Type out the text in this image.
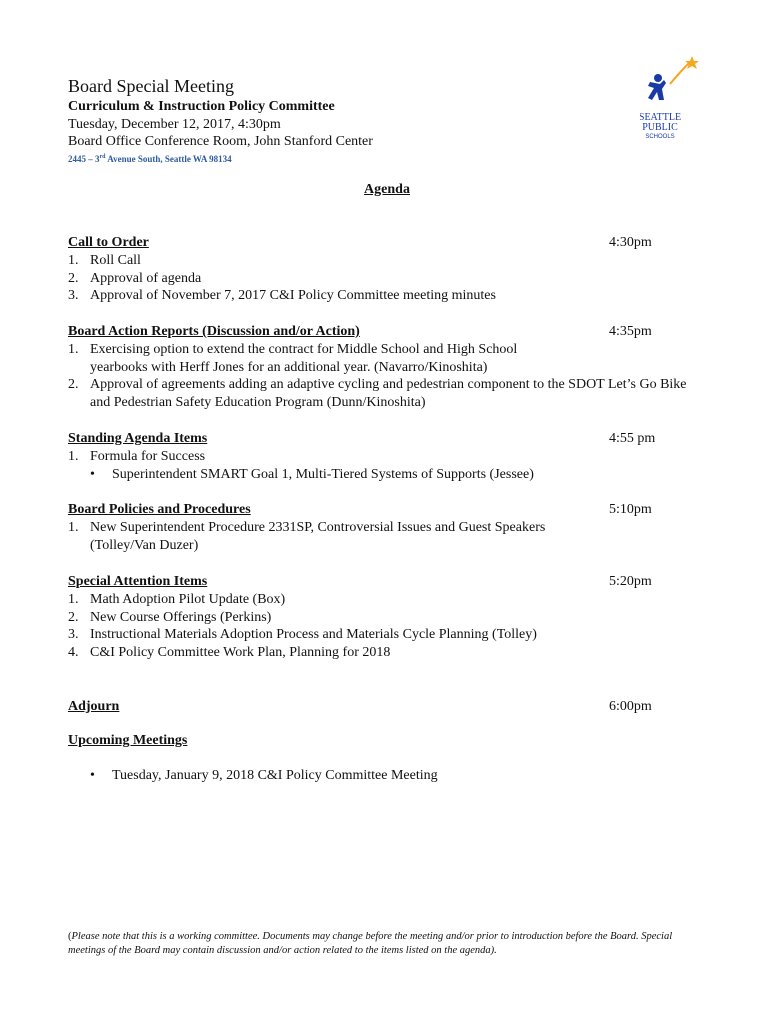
Board Special Meeting
Curriculum & Instruction Policy Committee
Tuesday, December 12, 2017, 4:30pm
Board Office Conference Room, John Stanford Center
2445 – 3rd Avenue South, Seattle WA 98134
SEATTLE
PUBLIC
SCHOOLS
Agenda
Call to Order	4:30pm
1. Roll Call
2. Approval of agenda
3. Approval of November 7, 2017 C&I Policy Committee meeting minutes
Board Action Reports (Discussion and/or Action)	4:35pm
1. Exercising option to extend the contract for Middle School and High School yearbooks with Herff Jones for an additional year. (Navarro/Kinoshita)
2. Approval of agreements adding an adaptive cycling and pedestrian component to the SDOT Let’s Go Bike and Pedestrian Safety Education Program (Dunn/Kinoshita)
Standing Agenda Items	4:55 pm
1. Formula for Success
• Superintendent SMART Goal 1, Multi-Tiered Systems of Supports (Jessee)
Board Policies and Procedures	5:10pm
1. New Superintendent Procedure 2331SP, Controversial Issues and Guest Speakers (Tolley/Van Duzer)
Special Attention Items	5:20pm
1. Math Adoption Pilot Update (Box)
2. New Course Offerings (Perkins)
3. Instructional Materials Adoption Process and Materials Cycle Planning (Tolley)
4. C&I Policy Committee Work Plan, Planning for 2018
Adjourn	6:00pm
Upcoming Meetings
• Tuesday, January 9, 2018 C&I Policy Committee Meeting
(Please note that this is a working committee. Documents may change before the meeting and/or prior to introduction before the Board. Special meetings of the Board may contain discussion and/or action related to the items listed on the agenda).
